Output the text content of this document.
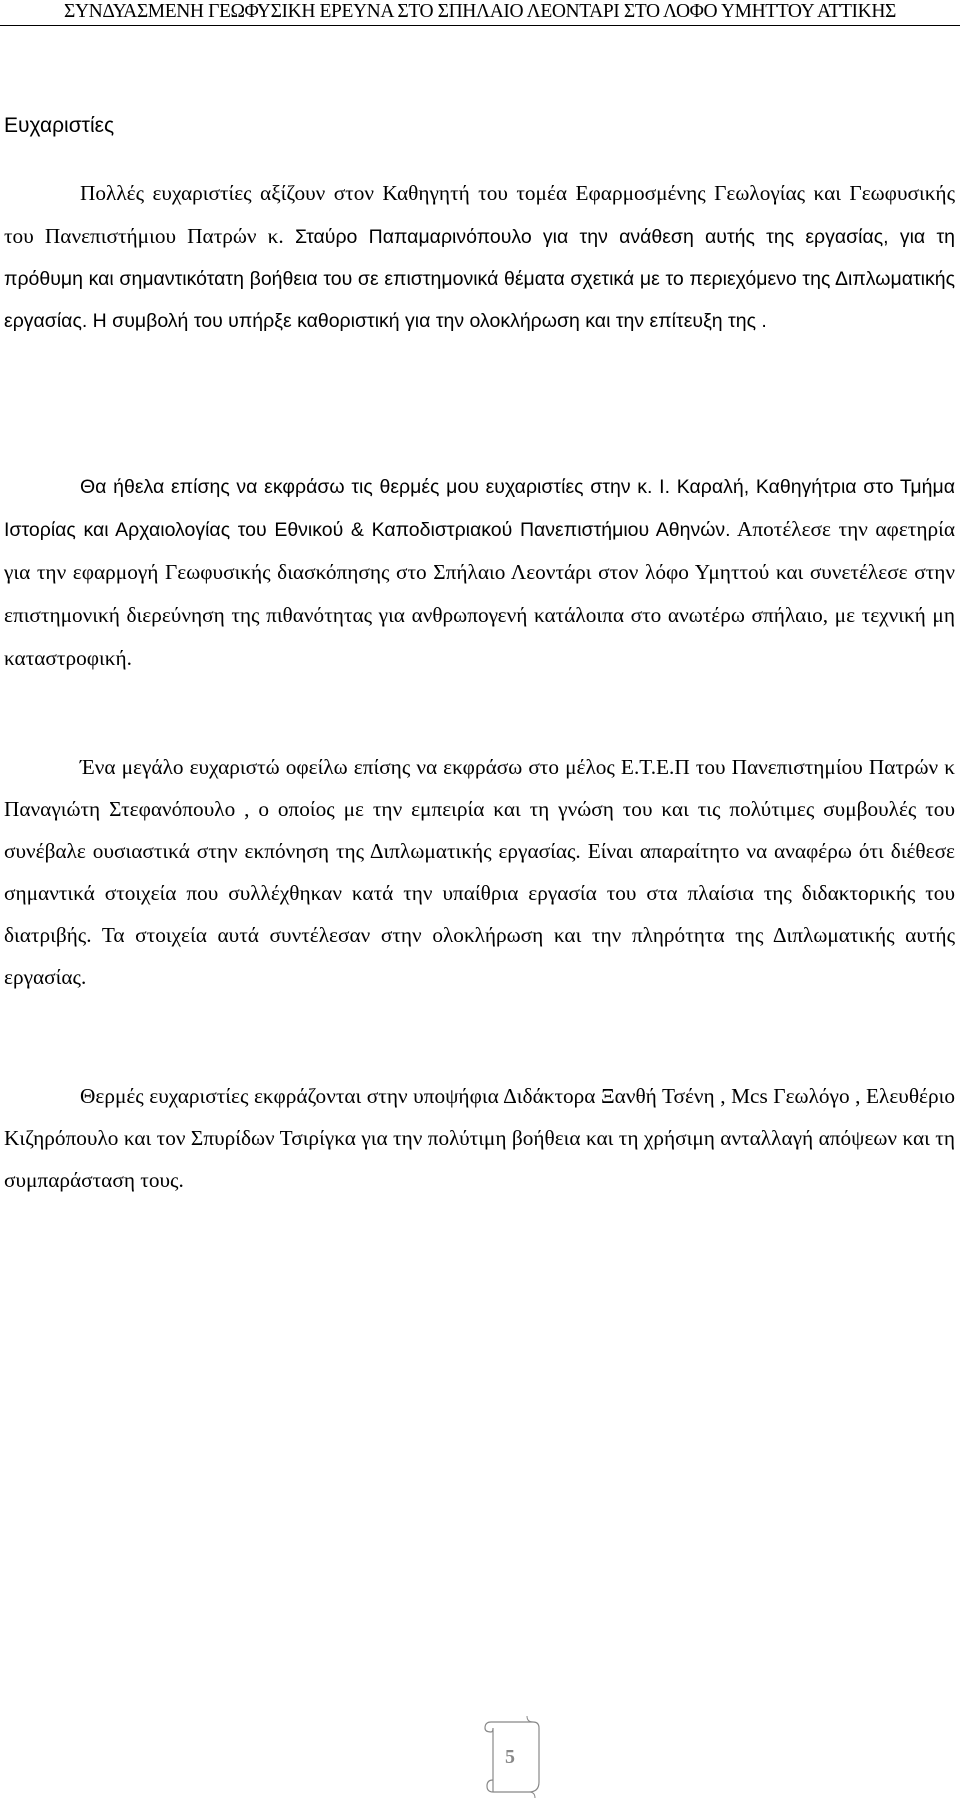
ΣΥΝΔΥΑΣΜΕΝΗ ΓΕΩΦΥΣΙΚΗ ΕΡΕΥΝΑ ΣΤΟ ΣΠΗΛΑΙΟ ΛΕΟΝΤΑΡΙ ΣΤΟ ΛΟΦΟ ΥΜΗΤΤΟΥ ΑΤΤΙΚΗΣ
Ευχαριστίες

Πολλές ευχαριστίες αξίζουν στον Καθηγητή του τομέα Εφαρμοσμένης Γεωλογίας και Γεωφυσικής του Πανεπιστήμιου Πατρών κ. Σταύρο Παπαμαρινόπουλο για την ανάθεση αυτής της εργασίας, για τη πρόθυμη και σημαντικότατη βοήθεια του σε επιστημονικά θέματα σχετικά με το περιεχόμενο της Διπλωματικής εργασίας. Η συμβολή του υπήρξε καθοριστική για την ολοκλήρωση και την επίτευξη της .

Θα ήθελα επίσης να εκφράσω τις θερμές μου ευχαριστίες στην κ. Ι. Καραλή, Καθηγήτρια στο Τμήμα Ιστορίας και Αρχαιολογίας του Εθνικού & Καποδιστριακού Πανεπιστήμιου Αθηνών. Αποτέλεσε την αφετηρία για την εφαρμογή Γεωφυσικής διασκόπησης στο Σπήλαιο Λεοντάρι στον λόφο Υμηττού και συνετέλεσε στην επιστημονική διερεύνηση της πιθανότητας για ανθρωπογενή κατάλοιπα στο ανωτέρω σπήλαιο, με τεχνική μη καταστροφική.

Ένα μεγάλο ευχαριστώ οφείλω επίσης να εκφράσω στο μέλος Ε.Τ.Ε.Π του Πανεπιστημίου Πατρών κ Παναγιώτη Στεφανόπουλο , ο οποίος με την εμπειρία και τη γνώση του και τις πολύτιμες συμβουλές του συνέβαλε ουσιαστικά στην εκπόνηση της Διπλωματικής εργασίας. Είναι απαραίτητο να αναφέρω ότι διέθεσε σημαντικά στοιχεία που συλλέχθηκαν κατά την υπαίθρια εργασία του στα πλαίσια της διδακτορικής του διατριβής. Τα στοιχεία αυτά συντέλεσαν στην ολοκλήρωση και την πληρότητα της Διπλωματικής αυτής εργασίας.

Θερμές ευχαριστίες εκφράζονται στην υποψήφια Διδάκτορα Ξανθή Τσένη , Mcs Γεωλόγο , Ελευθέριο Κιζηρόπουλο και τον Σπυρίδων Τσιρίγκα για την πολύτιμη βοήθεια και τη χρήσιμη ανταλλαγή απόψεων και τη συμπαράσταση τους.

5
